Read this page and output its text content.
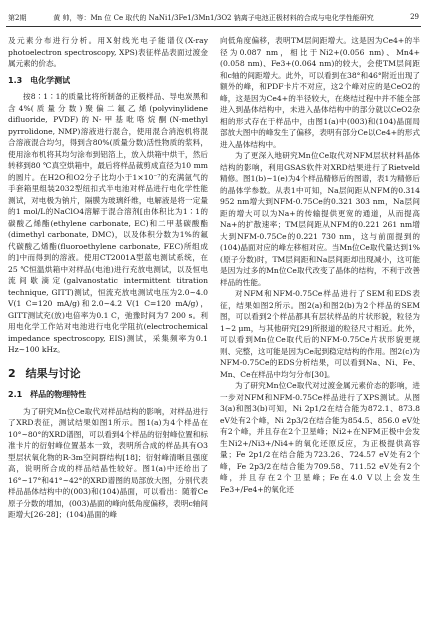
第2期	黄 帅，等：Mn 位 Ce 取代的 NaNi1/3Fe1/3Mn1/3O2 钠离子电池正极材料的合成与电化学性能研究	29

及元素分布进行分析。用X射线光电子能谱仪(X-ray photoelectron spectroscopy, XPS)表征样品表面过渡金属元素的价态。

1.3 电化学测试

按8∶1∶1的质量比将所制备的正极样品、导电炭黑和含4%(质量分数)聚偏二氟乙烯(polyvinylidene difluoride, PVDF)的N-甲基吡咯烷酮(N-methyl pyrrolidone, NMP)溶液进行混合，使用混合消泡机将混合溶液混合均匀，得到含80%(质量分数)活性物质的浆料，使用涂布机将其均匀涂布到铝箔上，放入烘箱中烘干，然后转移到80 ℃真空烘箱中，最后将样品裁剪成直径为10 mm的圆片。在H2O和O2分子比均小于1×10⁻⁷的充满氩气的手套箱里组装2032型纽扣式半电池对样品进行电化学性能测试，对电极为钠片，隔膜为玻璃纤维，电解液是将一定量的1 mol/L的NaClO4溶解于混合溶剂[由体积比为1∶1的碳酸乙烯酯(ethylene carbonate, EC)和二甲基碳酸酯(dimethyl carbonate, DMC)，以及体积分数为1%的氟代碳酸乙烯酯(fluoroethylene carbonate, FEC)所组成的]中而得到的溶液。使用CT2001A型蓝电测试系统，在25 ℃恒温烘箱中对样品(电池)进行充放电测试，以及恒电流间歇滴定(galvanostatic intermittent titration technique, GITT)测试，恒流充放电测试电压为2.0~4.0 V(1 C=120 mA/g)和2.0~4.2 V(1 C=120 mA/g)，GITT测试充(放)电倍率为0.1 C，弛豫时间为7 200 s。利用电化学工作站对电池进行电化学阻抗(electrochemical impedance spectroscopy, EIS)测试，采集频率为0.1 Hz~100 kHz。

2 结果与讨论
2.1 样品的物理特性

为了研究Mn位Ce取代对样品结构的影响，对样品进行了XRD表征，测试结果如图1所示。图1(a)为4个样品在10°~80°的XRD谱图，可以看到4个样品的衍射峰位置和标准卡片的衍射峰位置基本一致，表明所合成的样品具有O3型层状氧化物的R-3m空间群结构[18]；衍射峰清晰且强度高，说明所合成的样品结晶性较好。图1(a)中还给出了16°~17°和41°~42°的XRD谱图的局部放大图，分别代表样品晶体结构中的(003)和(104)晶面，可以看出：随着Ce原子分数的增加，(003)晶面的峰向低角度偏移，表明c轴间距增大[26-28]；(104)晶面的峰

向低角度偏移，表明TM层间距增大。这是因为Ce4+的半径为0.087 nm，相比于Ni2+(0.056 nm)、Mn4+(0.058 nm)、Fe3+(0.064 nm)的较大，会使TM层间距和c轴的间距增大。此外，可以看到在38°和46°附近出现了额外的峰，和PDF卡片不对应，这2个峰对应的是CeO2的峰，这是因为Ce4+的半径较大，在烧结过程中并不能全部进入到晶体结构中，未进入晶体结构中的部分就以CeO2杂相的形式存在于样品中，由图1(a)中(003)和(104)晶面局部放大图中的峰发生了偏移，表明有部分Ce以Ce4+的形式进入晶体结构中。

为了更深入地研究Mn位Ce取代对NFM层状材料晶体结构的影响，利用GSAS软件对XRD结果进行了Rietveld精修。图1(b)~1(e)为4个样品精修后的图谱，表1为精修后的晶体学参数。从表1中可知，Na层间距从NFM的0.314 952 nm增大到NFM-0.75Ce的0.321 303 nm，Na层间距的增大可以为Na+的传输提供更宽的通道，从而提高Na+的扩散速率；TM层间距从NFM的0.221 261 nm增大到NFM-0.75Ce的0.221 730 nm，这与前面提到的(104)晶面对应的峰左移相对应。当Mn位Ce取代量达到1%(原子分数)时，TM层间距和Na层间距却出现减小，这可能是因为过多的Mn位Ce取代改变了晶体的结构，不利于改善样品的性能。

对NFM和NFM-0.75Ce样品进行了SEM和EDS表征，结果如图2所示。图2(a)和图2(b)为2个样品的SEM图，可以看到2个样品都具有层状样品的片状形貌，粒径为1~2 μm，与其他研究[29]所报道的粒径尺寸相近。此外，可以看到Mn位Ce取代后的NFM-0.75Ce片状形貌更规则、完整，这可能是因为Ce起到稳定结构的作用。图2(c)为NFM-0.75Ce的EDS分析结果，可以看到Na、Ni、Fe、Mn、Ce在样品中均匀分布[30]。

为了研究Mn位Ce取代对过渡金属元素价态的影响，进一步对NFM和NFM-0.75Ce样品进行了XPS测试。从图3(a)和图3(b)可知，Ni 2p1/2在结合能为872.1、873.8 eV处有2个峰，Ni 2p3/2在结合能为854.5、856.0 eV处有2个峰，并且存在2个卫星峰；Ni2+在NFM正极中会发生Ni2+/Ni3+/Ni4+的氧化还原反应，为正极提供高容量；Fe 2p1/2在结合能为723.26、724.57 eV处有2个峰，Fe 2p3/2在结合能为709.58、711.52 eV处有2个峰，并且存在2个卫星峰；Fe在4.0 V以上会发生Fe3+/Fe4+的氧化还
